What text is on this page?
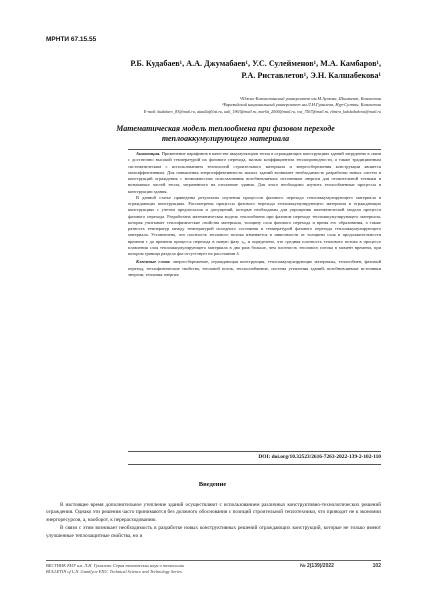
МРНТИ 67.15.55
Р.Б. Кудабаев¹, А.А. Джумабаев¹, У.С. Сулейменов¹, М.А. Камбаров¹,
Р.А. Риставлетов¹, Э.Н. Калшабекова¹
¹Южно-Казахстанский университет им.М.Ауэзова, Шымкент, Казахстан
²Евразийский национальный университет им.Л.Н.Гумилева, Нур-Султан, Казахстан
E-mail: kudabaev_83@mail.ru, ataulla@list.ru, uali_1963@mail.ru, markit_2000@mail.ru, ras_7567@mail.ru, elmira_kalshabekova@mail.ru
Математическая модель теплообмена при фазовом переходе
теплоаккумулирующего материала

Аннотация. Применение парафинов в качестве аккумуляторов тепла в ограждающих конструкциях зданий затруднено в связи с достаточно высокой температурой их фазового перехода, малым коэффициентом теплопроводности, а также традиционным систематическим с использованием технологий строительного материала и энергосбережения конструкции является малоэффективным. Для повышения энергоэффективности жилых зданий возникает необходимость разработки новых систем и конструкций ограждения с возможностью использования возобновляемых источников энергии для отопительной техники и возможных частей тепла, затраченного на отопление здания. Для этого необходимо изучить теплообменные процессы в конструкции здания.

В данной статье приведены результаты изучения процессов фазового перехода теплоаккумулирующего материала в ограждающих конструкциях. Рассмотрены процессы фазового перехода теплоаккумулирующего материала в ограждающих конструкциях с учетом предпосылок и допущений, которые необходимы для упрощения математической модели процесса фазового перехода. Разработана математическая модель теплообмена при фазовом переходе теплоаккумулирующего материала, которая учитывает теплофизические свойства материала, толщину слоя фазового перехода и время его образования, а также разность температур между температурой исходного состояния и температурой фазового перехода теплоаккумулирующего материала. Установлено, что плотность теплового потока изменяется в зависимости от толщины слоя и продолжительности времени τ до времени процесса перехода в новую фазу τ₀, и определено, что средняя плотность теплового потока в процессе плавления слоя теплоаккумулирующего материала в два раза больше, чем плотность теплового потока в момент времени, при котором граница раздела фаз отсутствует на расстоянии δ.

Ключевые слова: энергосбережение, ограждающая конструкция, теплоаккумулирующие материалы, теплообмен, фазовый переход, теплофизические свойства, тепловой поток, теплоснабжение, система утепления зданий, возобновляемые источники энергии, тепловая энергия

DOI: doi.org/10.32523/2616-7263-2022-139-2-102-110
Введение

В настоящее время дополнительное утепление зданий осуществляют с использованием различных конструктивно-технологических решений ограждения. Однако эти решения часто принимаются без должного обоснования с позиций строительной теплотехники, что приводит не к экономии энергоресурсов, а, наоборот, к перерасходованию.

В связи с этим возникает необходимость в разработке новых конструктивных решений ограждающих конструкций, которые не только имеют улучшенные теплозащитные свойства, но и

ВЕСТНИК ЕНУ им. Л.Н. Гумилева. Серия технических наук и технологии
BULLETIN of L.N. Gumilyov ENU. Technical Science and Technology Series
№ 2(139)/2022	102
